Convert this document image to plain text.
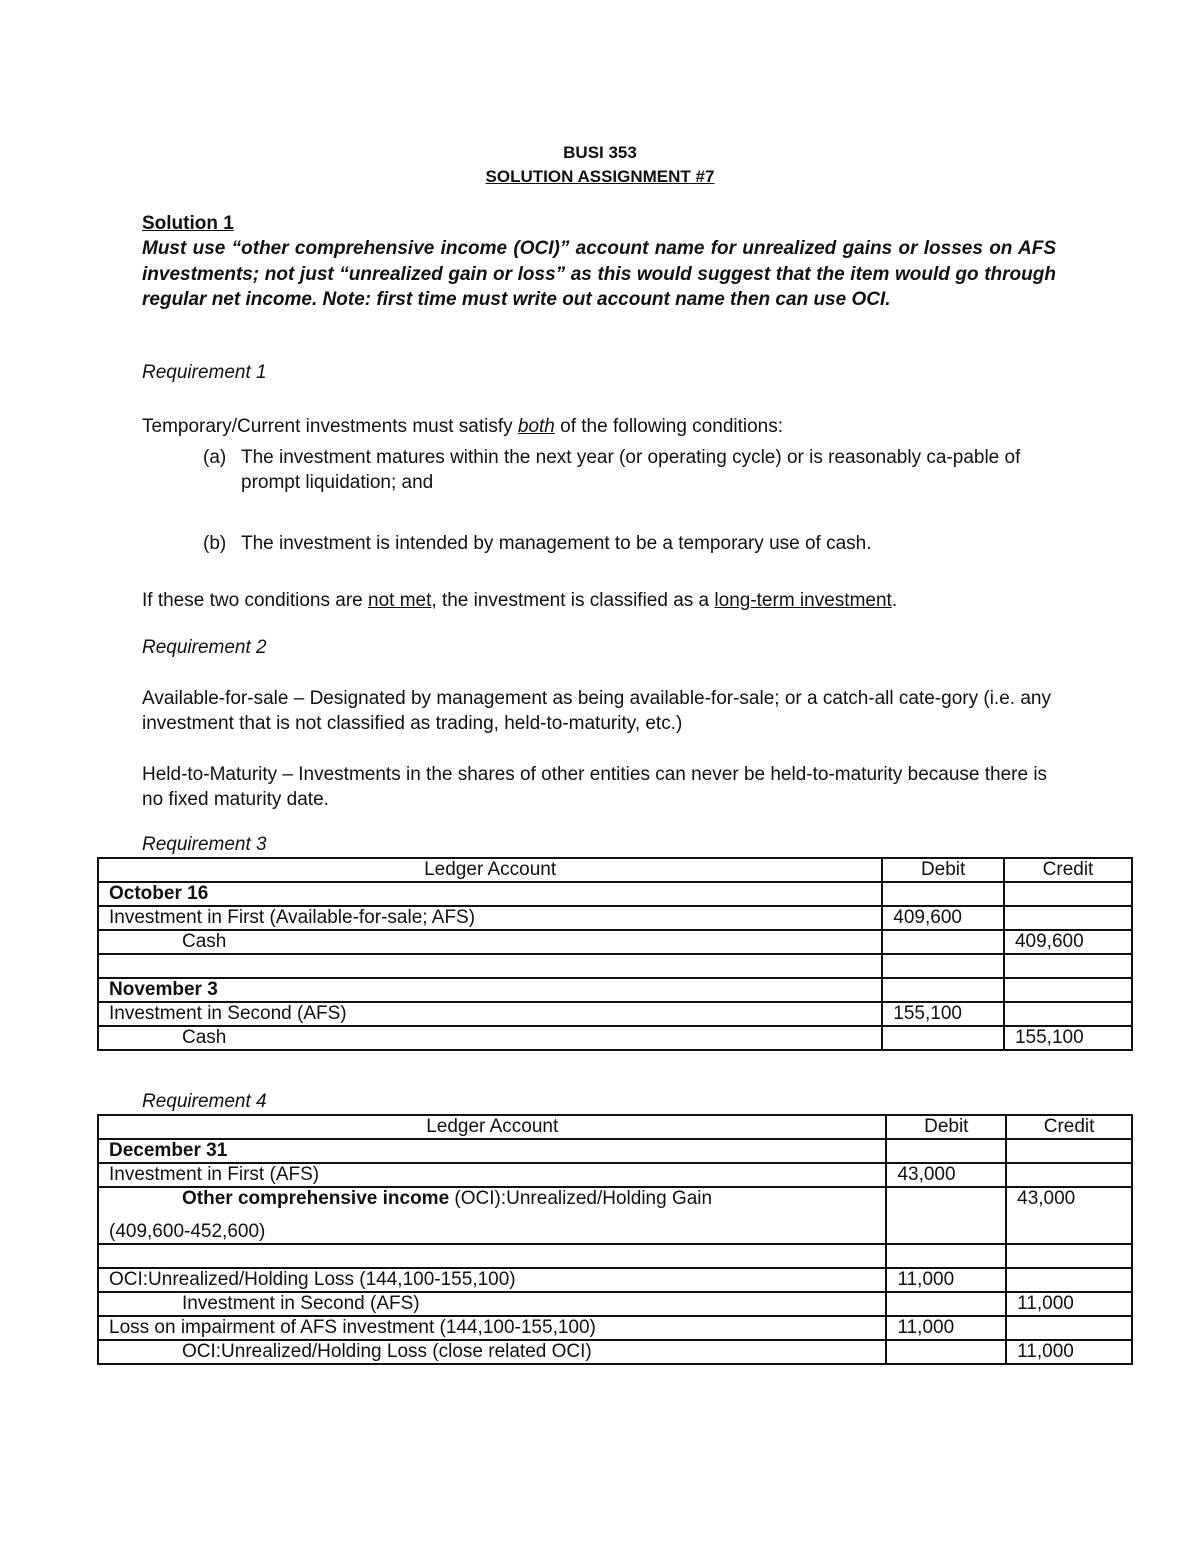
BUSI 353
SOLUTION ASSIGNMENT #7
Solution 1
Must use “other comprehensive income (OCI)” account name for unrealized gains or losses on AFS investments; not just “unrealized gain or loss” as this would suggest that the item would go through regular net income. Note: first time must write out account name then can use OCI.
Requirement 1
Temporary/Current investments must satisfy both of the following conditions:
(a) The investment matures within the next year (or operating cycle) or is reasonably ca-pable of prompt liquidation; and
(b) The investment is intended by management to be a temporary use of cash.
If these two conditions are not met, the investment is classified as a long-term investment.
Requirement 2
Available-for-sale – Designated by management as being available-for-sale; or a catch-all cate-gory (i.e. any investment that is not classified as trading, held-to-maturity, etc.)
Held-to-Maturity – Investments in the shares of other entities can never be held-to-maturity because there is no fixed maturity date.
Requirement 3
Ledger Account	Debit	Credit
October 16		
Investment in First (Available-for-sale; AFS)	409,600	
Cash		409,600

November 3		
Investment in Second (AFS)	155,100	
Cash		155,100
Requirement 4
Ledger Account	Debit	Credit
December 31		
Investment in First (AFS)	43,000	

Other comprehensive income (OCI):Unrealized/Holding Gain
(409,600-452,600)		43,000

OCI:Unrealized/Holding Loss (144,100-155,100)	11,000	
Investment in Second (AFS)		11,000
Loss on impairment of AFS investment (144,100-155,100)	11,000	
OCI:Unrealized/Holding Loss (close related OCI)		11,000
